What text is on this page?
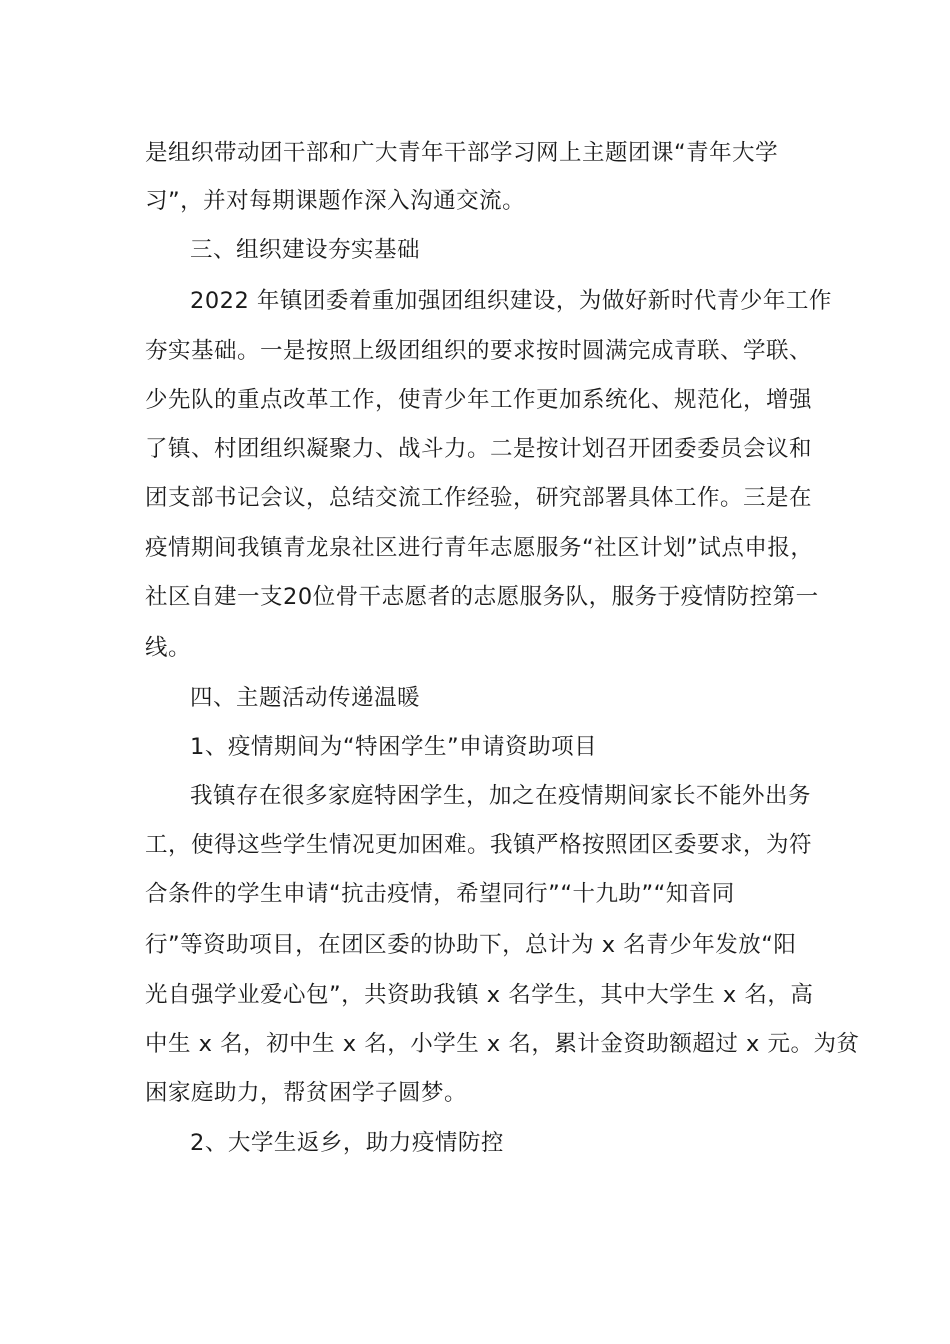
是组织带动团干部和广大青年干部学习网上主题团课“青年大学

习”，并对每期课题作深入沟通交流。

三、组织建设夯实基础

2022 年镇团委着重加强团组织建设，为做好新时代青少年工作

夯实基础。一是按照上级团组织的要求按时圆满完成青联、学联、

少先队的重点改革工作，使青少年工作更加系统化、规范化，增强

了镇、村团组织凝聚力、战斗力。二是按计划召开团委委员会议和

团支部书记会议，总结交流工作经验，研究部署具体工作。三是在

疫情期间我镇青龙泉社区进行青年志愿服务“社区计划”试点申报，

社区自建一支20位骨干志愿者的志愿服务队，服务于疫情防控第一

线。

四、主题活动传递温暖

1、疫情期间为“特困学生”申请资助项目

我镇存在很多家庭特困学生，加之在疫情期间家长不能外出务

工，使得这些学生情况更加困难。我镇严格按照团区委要求，为符

合条件的学生申请“抗击疫情，希望同行”“十九助”“知音同

行”等资助项目，在团区委的协助下，总计为 x 名青少年发放“阳

光自强学业爱心包”，共资助我镇 x 名学生，其中大学生 x 名，高

中生 x 名，初中生 x 名，小学生 x 名，累计金资助额超过 x 元。为贫

困家庭助力，帮贫困学子圆梦。

2、大学生返乡，助力疫情防控
